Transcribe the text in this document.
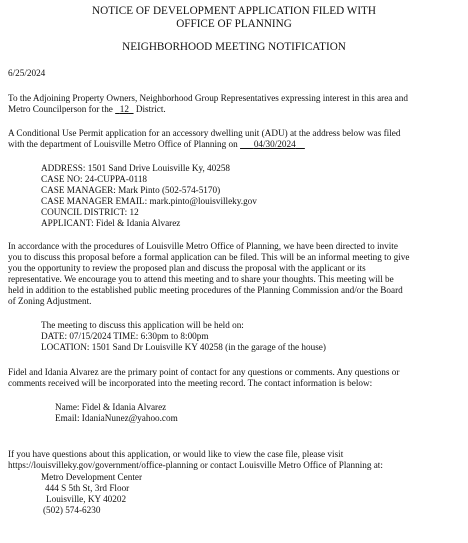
NOTICE OF DEVELOPMENT APPLICATION FILED WITH

OFFICE OF PLANNING

NEIGHBORHOOD MEETING NOTIFICATION

6/25/2024

To the Adjoining Property Owners, Neighborhood Group Representatives expressing interest in this area and

Metro Councilperson for the 12 District.

A Conditional Use Permit application for an accessory dwelling unit (ADU) at the address below was filed

with the department of Louisville Metro Office of Planning on 04/30/2024

ADDRESS: 1501 Sand Drive Louisville Ky, 40258

CASE NO: 24-CUPPA-0118

CASE MANAGER: Mark Pinto (502-574-5170)

CASE MANAGER EMAIL: mark.pinto@louisvilleky.gov

COUNCIL DISTRICT: 12

APPLICANT: Fidel & Idania Alvarez

In accordance with the procedures of Louisville Metro Office of Planning, we have been directed to invite

you to discuss this proposal before a formal application can be filed. This will be an informal meeting to give

you the opportunity to review the proposed plan and discuss the proposal with the applicant or its

representative. We encourage you to attend this meeting and to share your thoughts. This meeting will be

held in addition to the established public meeting procedures of the Planning Commission and/or the Board

of Zoning Adjustment.

The meeting to discuss this application will be held on:

DATE: 07/15/2024 TIME: 6:30pm to 8:00pm

LOCATION: 1501 Sand Dr Louisville KY 40258 (in the garage of the house)

Fidel and Idania Alvarez are the primary point of contact for any questions or comments. Any questions or

comments received will be incorporated into the meeting record. The contact information is below:

Name: Fidel & Idania Alvarez

Email: IdaniaNunez@yahoo.com

If you have questions about this application, or would like to view the case file, please visit

https://louisvilleky.gov/government/office-planning or contact Louisville Metro Office of Planning at:

Metro Development Center

444 S 5th St, 3rd Floor

Louisville, KY 40202

(502) 574-6230
